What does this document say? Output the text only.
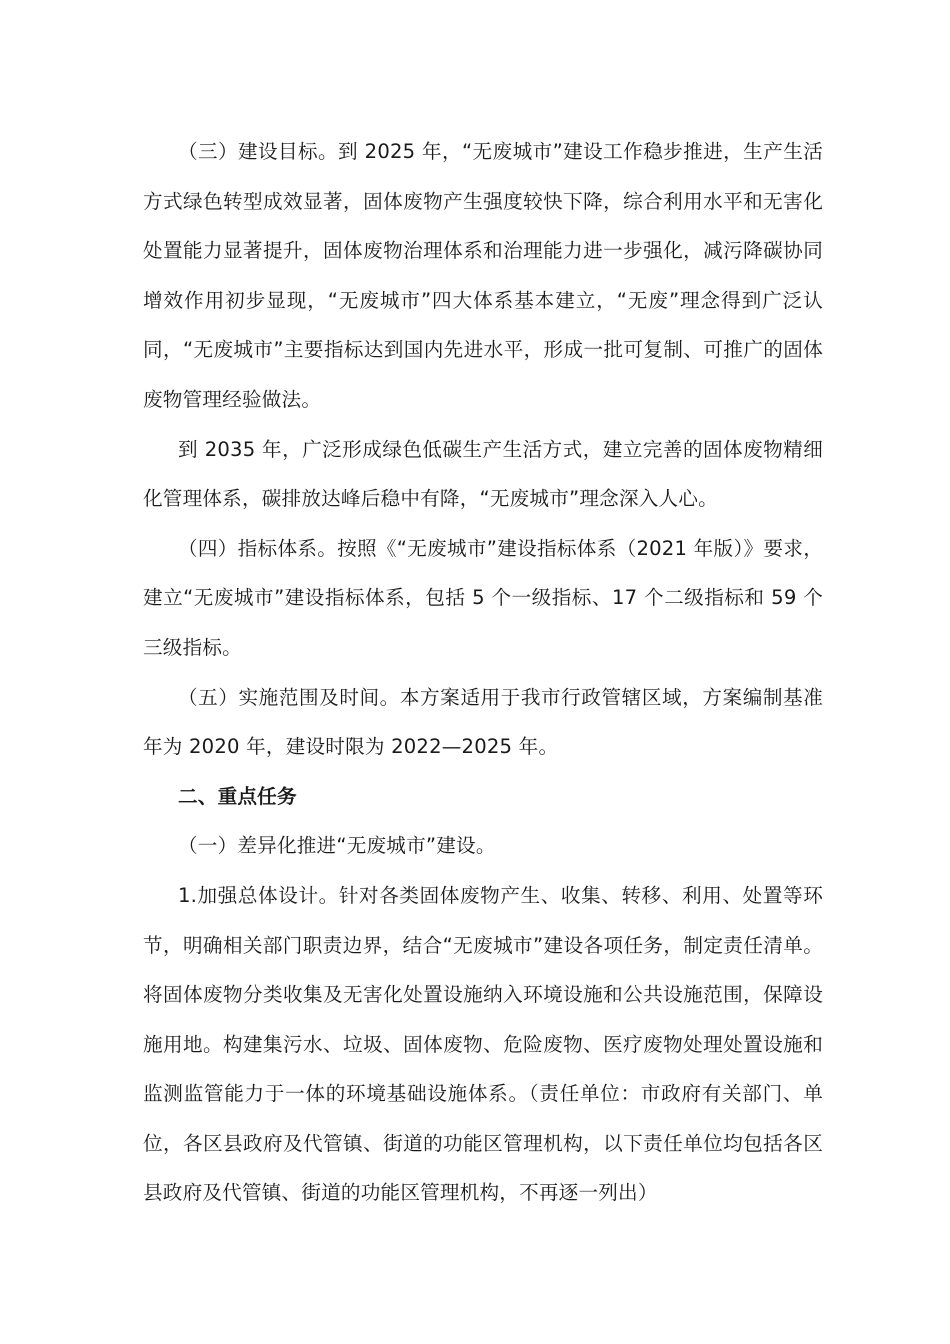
（三）建设目标。到 2025 年，“无废城市”建设工作稳步推进，生产生活方式绿色转型成效显著，固体废物产生强度较快下降，综合利用水平和无害化处置能力显著提升，固体废物治理体系和治理能力进一步强化，减污降碳协同增效作用初步显现，“无废城市”四大体系基本建立，“无废”理念得到广泛认同，“无废城市”主要指标达到国内先进水平，形成一批可复制、可推广的固体废物管理经验做法。

到 2035 年，广泛形成绿色低碳生产生活方式，建立完善的固体废物精细化管理体系，碳排放达峰后稳中有降，“无废城市”理念深入人心。

（四）指标体系。按照《“无废城市”建设指标体系（2021 年版）》要求，建立“无废城市”建设指标体系，包括 5 个一级指标、17 个二级指标和 59 个三级指标。

（五）实施范围及时间。本方案适用于我市行政管辖区域，方案编制基准年为 2020 年，建设时限为 2022—2025 年。

二、重点任务

（一）差异化推进“无废城市”建设。

1.加强总体设计。针对各类固体废物产生、收集、转移、利用、处置等环节，明确相关部门职责边界，结合“无废城市”建设各项任务，制定责任清单。将固体废物分类收集及无害化处置设施纳入环境设施和公共设施范围，保障设施用地。构建集污水、垃圾、固体废物、危险废物、医疗废物处理处置设施和监测监管能力于一体的环境基础设施体系。（责任单位：市政府有关部门、单位，各区县政府及代管镇、街道的功能区管理机构，以下责任单位均包括各区县政府及代管镇、街道的功能区管理机构，不再逐一列出）
